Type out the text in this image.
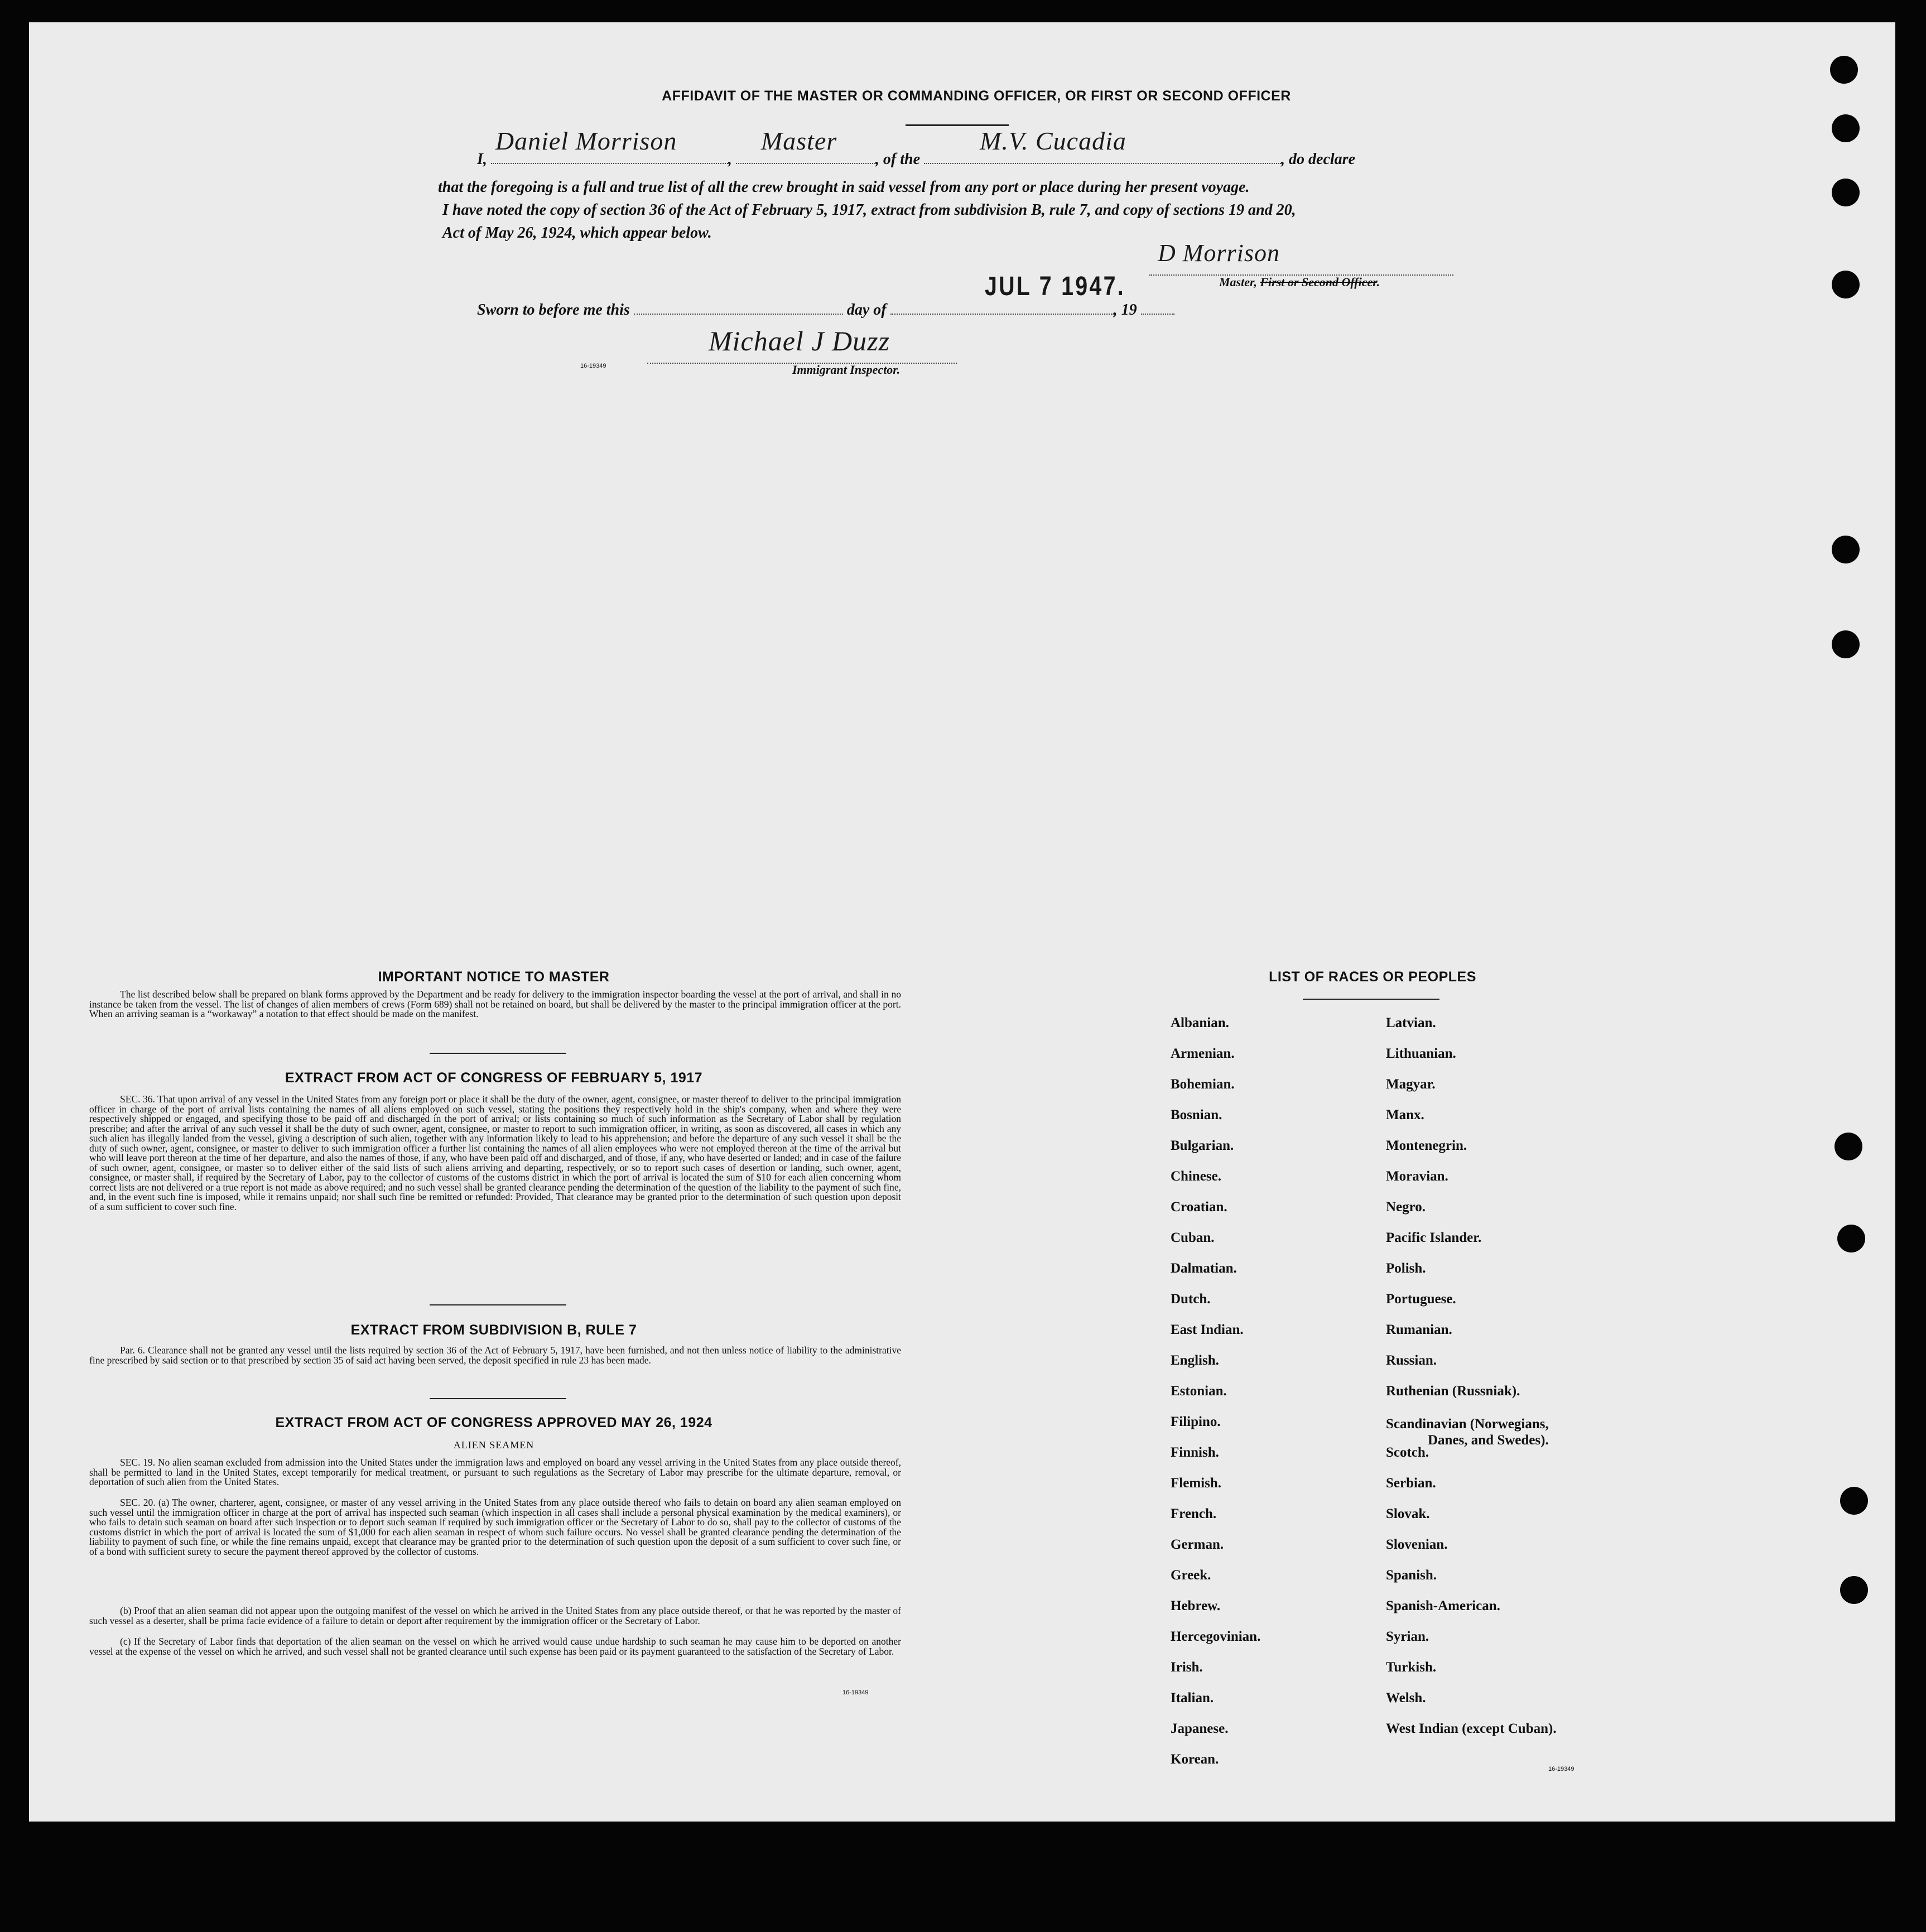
AFFIDAVIT OF THE MASTER OR COMMANDING OFFICER, OR FIRST OR SECOND OFFICER
I,
Daniel Morrison
,
Master
, of the
M.V. Cucadia
, do declare
that the foregoing is a full and true list of all the crew brought in said vessel from any port or place during her present voyage.
I have noted the copy of section 36 of the Act of February 5, 1917, extract from subdivision B, rule 7, and copy of sections 19 and 20,
Act of May 26, 1924, which appear below.
JUL 7 1947.
D Morrison
Master, First or Second Officer.
Sworn to before me this	day of	, 19
16-19349
Michael J Duzz
Immigrant Inspector.
IMPORTANT NOTICE TO MASTER
The list described below shall be prepared on blank forms approved by the Department and be ready for delivery to the immigration inspector boarding the vessel at the port of arrival, and shall in no instance be taken from the vessel. The list of changes of alien members of crews (Form 689) shall not be retained on board, but shall be delivered by the master to the principal immigration officer at the port. When an arriving seaman is a “workaway” a notation to that effect should be made on the manifest.
EXTRACT FROM ACT OF CONGRESS OF FEBRUARY 5, 1917
SEC. 36. That upon arrival of any vessel in the United States from any foreign port or place it shall be the duty of the owner, agent, consignee, or master thereof to deliver to the principal immigration officer in charge of the port of arrival lists containing the names of all aliens employed on such vessel, stating the positions they respectively hold in the ship's company, when and where they were respectively shipped or engaged, and specifying those to be paid off and discharged in the port of arrival; or lists containing so much of such information as the Secretary of Labor shall by regulation prescribe; and after the arrival of any such vessel it shall be the duty of such owner, agent, consignee, or master to report to such immigration officer, in writing, as soon as discovered, all cases in which any such alien has illegally landed from the vessel, giving a description of such alien, together with any information likely to lead to his apprehension; and before the departure of any such vessel it shall be the duty of such owner, agent, consignee, or master to deliver to such immigration officer a further list containing the names of all alien employees who were not employed thereon at the time of the arrival but who will leave port thereon at the time of her departure, and also the names of those, if any, who have been paid off and discharged, and of those, if any, who have deserted or landed; and in case of the failure of such owner, agent, consignee, or master so to deliver either of the said lists of such aliens arriving and departing, respectively, or so to report such cases of desertion or landing, such owner, agent, consignee, or master shall, if required by the Secretary of Labor, pay to the collector of customs of the customs district in which the port of arrival is located the sum of $10 for each alien concerning whom correct lists are not delivered or a true report is not made as above required; and no such vessel shall be granted clearance pending the determination of the question of the liability to the payment of such fine, and, in the event such fine is imposed, while it remains unpaid; nor shall such fine be remitted or refunded: Provided, That clearance may be granted prior to the determination of such question upon deposit of a sum sufficient to cover such fine.
EXTRACT FROM SUBDIVISION B, RULE 7
Par. 6. Clearance shall not be granted any vessel until the lists required by section 36 of the Act of February 5, 1917, have been furnished, and not then unless notice of liability to the administrative fine prescribed by said section or to that prescribed by section 35 of said act having been served, the deposit specified in rule 23 has been made.
EXTRACT FROM ACT OF CONGRESS APPROVED MAY 26, 1924
ALIEN SEAMEN
SEC. 19. No alien seaman excluded from admission into the United States under the immigration laws and employed on board any vessel arriving in the United States from any place outside thereof, shall be permitted to land in the United States, except temporarily for medical treatment, or pursuant to such regulations as the Secretary of Labor may prescribe for the ultimate departure, removal, or deportation of such alien from the United States.
SEC. 20. (a) The owner, charterer, agent, consignee, or master of any vessel arriving in the United States from any place outside thereof who fails to detain on board any alien seaman employed on such vessel until the immigration officer in charge at the port of arrival has inspected such seaman (which inspection in all cases shall include a personal physical examination by the medical examiners), or who fails to detain such seaman on board after such inspection or to deport such seaman if required by such immigration officer or the Secretary of Labor to do so, shall pay to the collector of customs of the customs district in which the port of arrival is located the sum of $1,000 for each alien seaman in respect of whom such failure occurs. No vessel shall be granted clearance pending the determination of the liability to payment of such fine, or while the fine remains unpaid, except that clearance may be granted prior to the determination of such question upon the deposit of a sum sufficient to cover such fine, or of a bond with sufficient surety to secure the payment thereof approved by the collector of customs.
(b) Proof that an alien seaman did not appear upon the outgoing manifest of the vessel on which he arrived in the United States from any place outside thereof, or that he was reported by the master of such vessel as a deserter, shall be prima facie evidence of a failure to detain or deport after requirement by the immigration officer or the Secretary of Labor.
(c) If the Secretary of Labor finds that deportation of the alien seaman on the vessel on which he arrived would cause undue hardship to such seaman he may cause him to be deported on another vessel at the expense of the vessel on which he arrived, and such vessel shall not be granted clearance until such expense has been paid or its payment guaranteed to the satisfaction of the Secretary of Labor.
16-19349
LIST OF RACES OR PEOPLES
Albanian.
Armenian.
Bohemian.
Bosnian.
Bulgarian.
Chinese.
Croatian.
Cuban.
Dalmatian.
Dutch.
East Indian.
English.
Estonian.
Filipino.
Finnish.
Flemish.
French.
German.
Greek.
Hebrew.
Hercegovinian.
Irish.
Italian.
Japanese.
Korean.
Latvian.
Lithuanian.
Magyar.
Manx.
Montenegrin.
Moravian.
Negro.
Pacific Islander.
Polish.
Portuguese.
Rumanian.
Russian.
Ruthenian (Russniak).
Scandinavian (Norwegians,
Danes, and Swedes).
Scotch.
Serbian.
Slovak.
Slovenian.
Spanish.
Spanish-American.
Syrian.
Turkish.
Welsh.
West Indian (except Cuban).
16-19349
